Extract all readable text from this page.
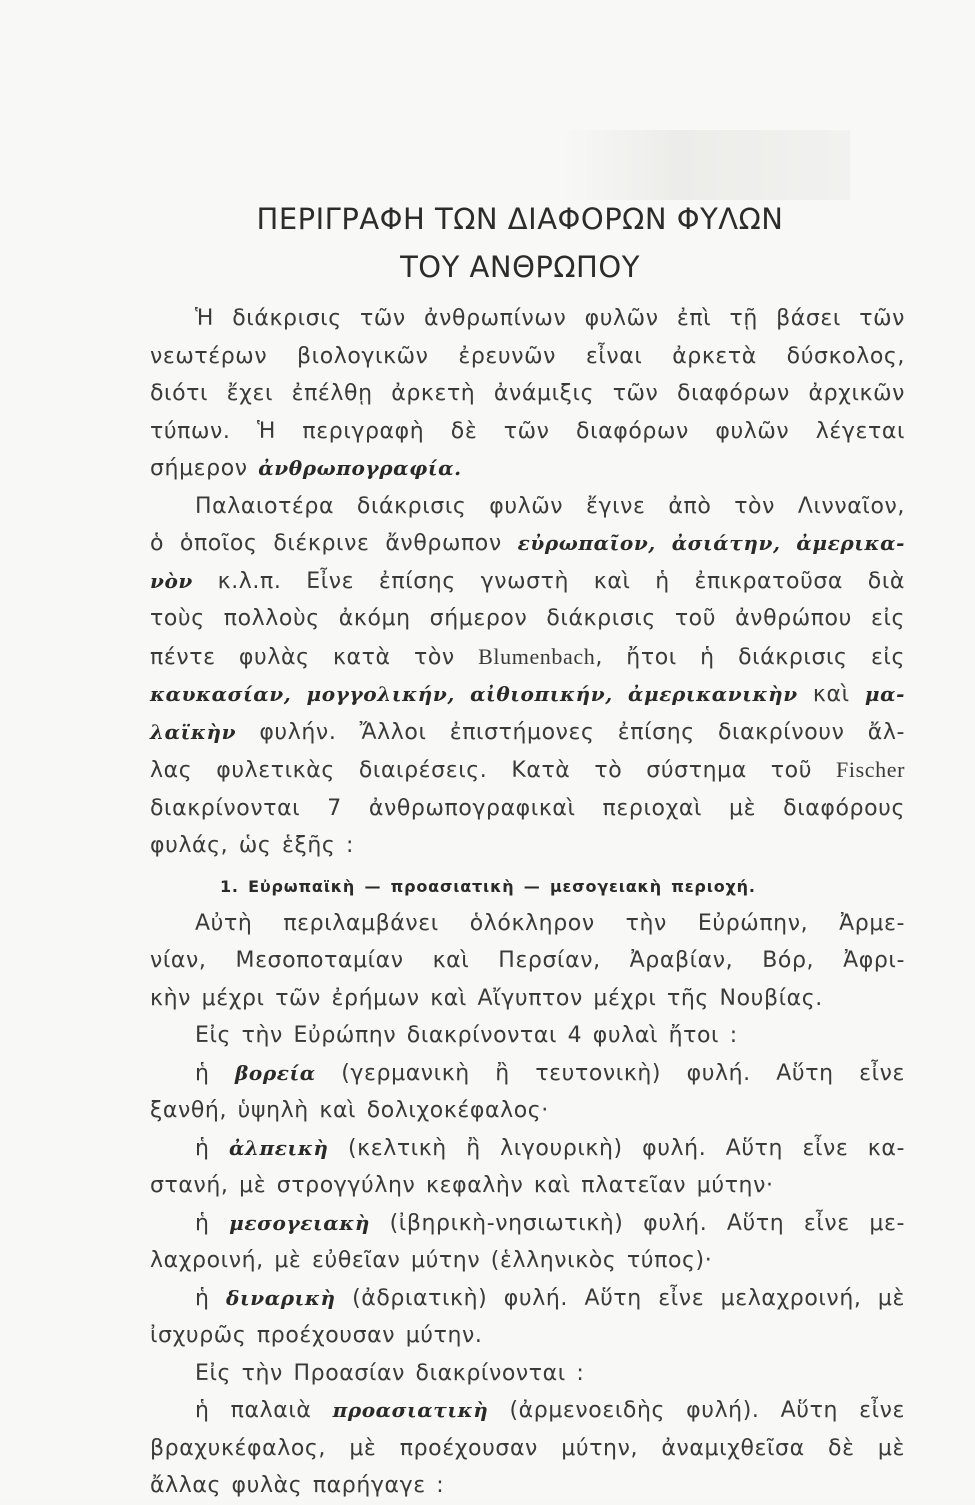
ΠΕΡΙΓΡΑΦΗ ΤΩΝ ΔΙΑΦΟΡΩΝ ΦΥΛΩΝ
ΤΟΥ ΑΝΘΡΩΠΟΥ
Ἡ διάκρισις τῶν ἀνθρωπίνων φυλῶν ἐπὶ τῇ βάσει τῶν
νεωτέρων βιολογικῶν ἐρευνῶν εἶναι ἀρκετὰ δύσκολος,
διότι ἔχει ἐπέλθῃ ἀρκετὴ ἀνάμιξις τῶν διαφόρων ἀρχικῶν
τύπων. Ἡ περιγραφὴ δὲ τῶν διαφόρων φυλῶν λέγεται
σήμερον ἀνθρωπογραφία.
Παλαιοτέρα διάκρισις φυλῶν ἔγινε ἀπὸ τὸν Λινναῖον,
ὁ ὁποῖος διέκρινε ἄνθρωπον εὐρωπαῖον, ἀσιάτην, ἀμερικα-
νὸν κ.λ.π. Εἶνε ἐπίσης γνωστὴ καὶ ἡ ἐπικρατοῦσα διὰ
τοὺς πολλοὺς ἀκόμη σήμερον διάκρισις τοῦ ἀνθρώπου εἰς
πέντε φυλὰς κατὰ τὸν Blumenbach, ἤτοι ἡ διάκρισις εἰς
καυκασίαν, μογγολικήν, αἰθιοπικήν, ἀμερικανικὴν καὶ μα-
λαϊκὴν φυλήν. Ἄλλοι ἐπιστήμονες ἐπίσης διακρίνουν ἄλ-
λας φυλετικὰς διαιρέσεις. Κατὰ τὸ σύστημα τοῦ Fischer
διακρίνονται 7 ἀνθρωπογραφικαὶ περιοχαὶ μὲ διαφόρους
φυλάς, ὡς ἑξῆς :
1. Εὐρωπαϊκὴ — προασιατικὴ — μεσογειακὴ περιοχή.
Αὐτὴ περιλαμβάνει ὁλόκληρον τὴν Εὐρώπην, Ἀρμε-
νίαν, Μεσοποταμίαν καὶ Περσίαν, Ἀραβίαν, Βόρ, Ἀφρι-
κὴν μέχρι τῶν ἐρήμων καὶ Αἴγυπτον μέχρι τῆς Νουβίας.
Εἰς τὴν Εὐρώπην διακρίνονται 4 φυλαὶ ἤτοι :
ἡ βορεία (γερμανικὴ ἢ τευτονικὴ) φυλή. Αὕτη εἶνε
ξανθή, ὑψηλὴ καὶ δολιχοκέφαλος·
ἡ ἀλπεικὴ (κελτικὴ ἢ λιγουρικὴ) φυλή. Αὕτη εἶνε κα-
στανή, μὲ στρογγύλην κεφαλὴν καὶ πλατεῖαν μύτην·
ἡ μεσογειακὴ (ἰβηρικὴ-νησιωτικὴ) φυλή. Αὕτη εἶνε με-
λαχροινή, μὲ εὐθεῖαν μύτην (ἑλληνικὸς τύπος)·
ἡ διναρικὴ (ἀδριατικὴ) φυλή. Αὕτη εἶνε μελαχροινή, μὲ
ἰσχυρῶς προέχουσαν μύτην.
Εἰς τὴν Προασίαν διακρίνονται :
ἡ παλαιὰ προασιατικὴ (ἀρμενοειδὴς φυλή). Αὕτη εἶνε
βραχυκέφαλος, μὲ προέχουσαν μύτην, ἀναμιχθεῖσα δὲ μὲ
ἄλλας φυλὰς παρήγαγε :
